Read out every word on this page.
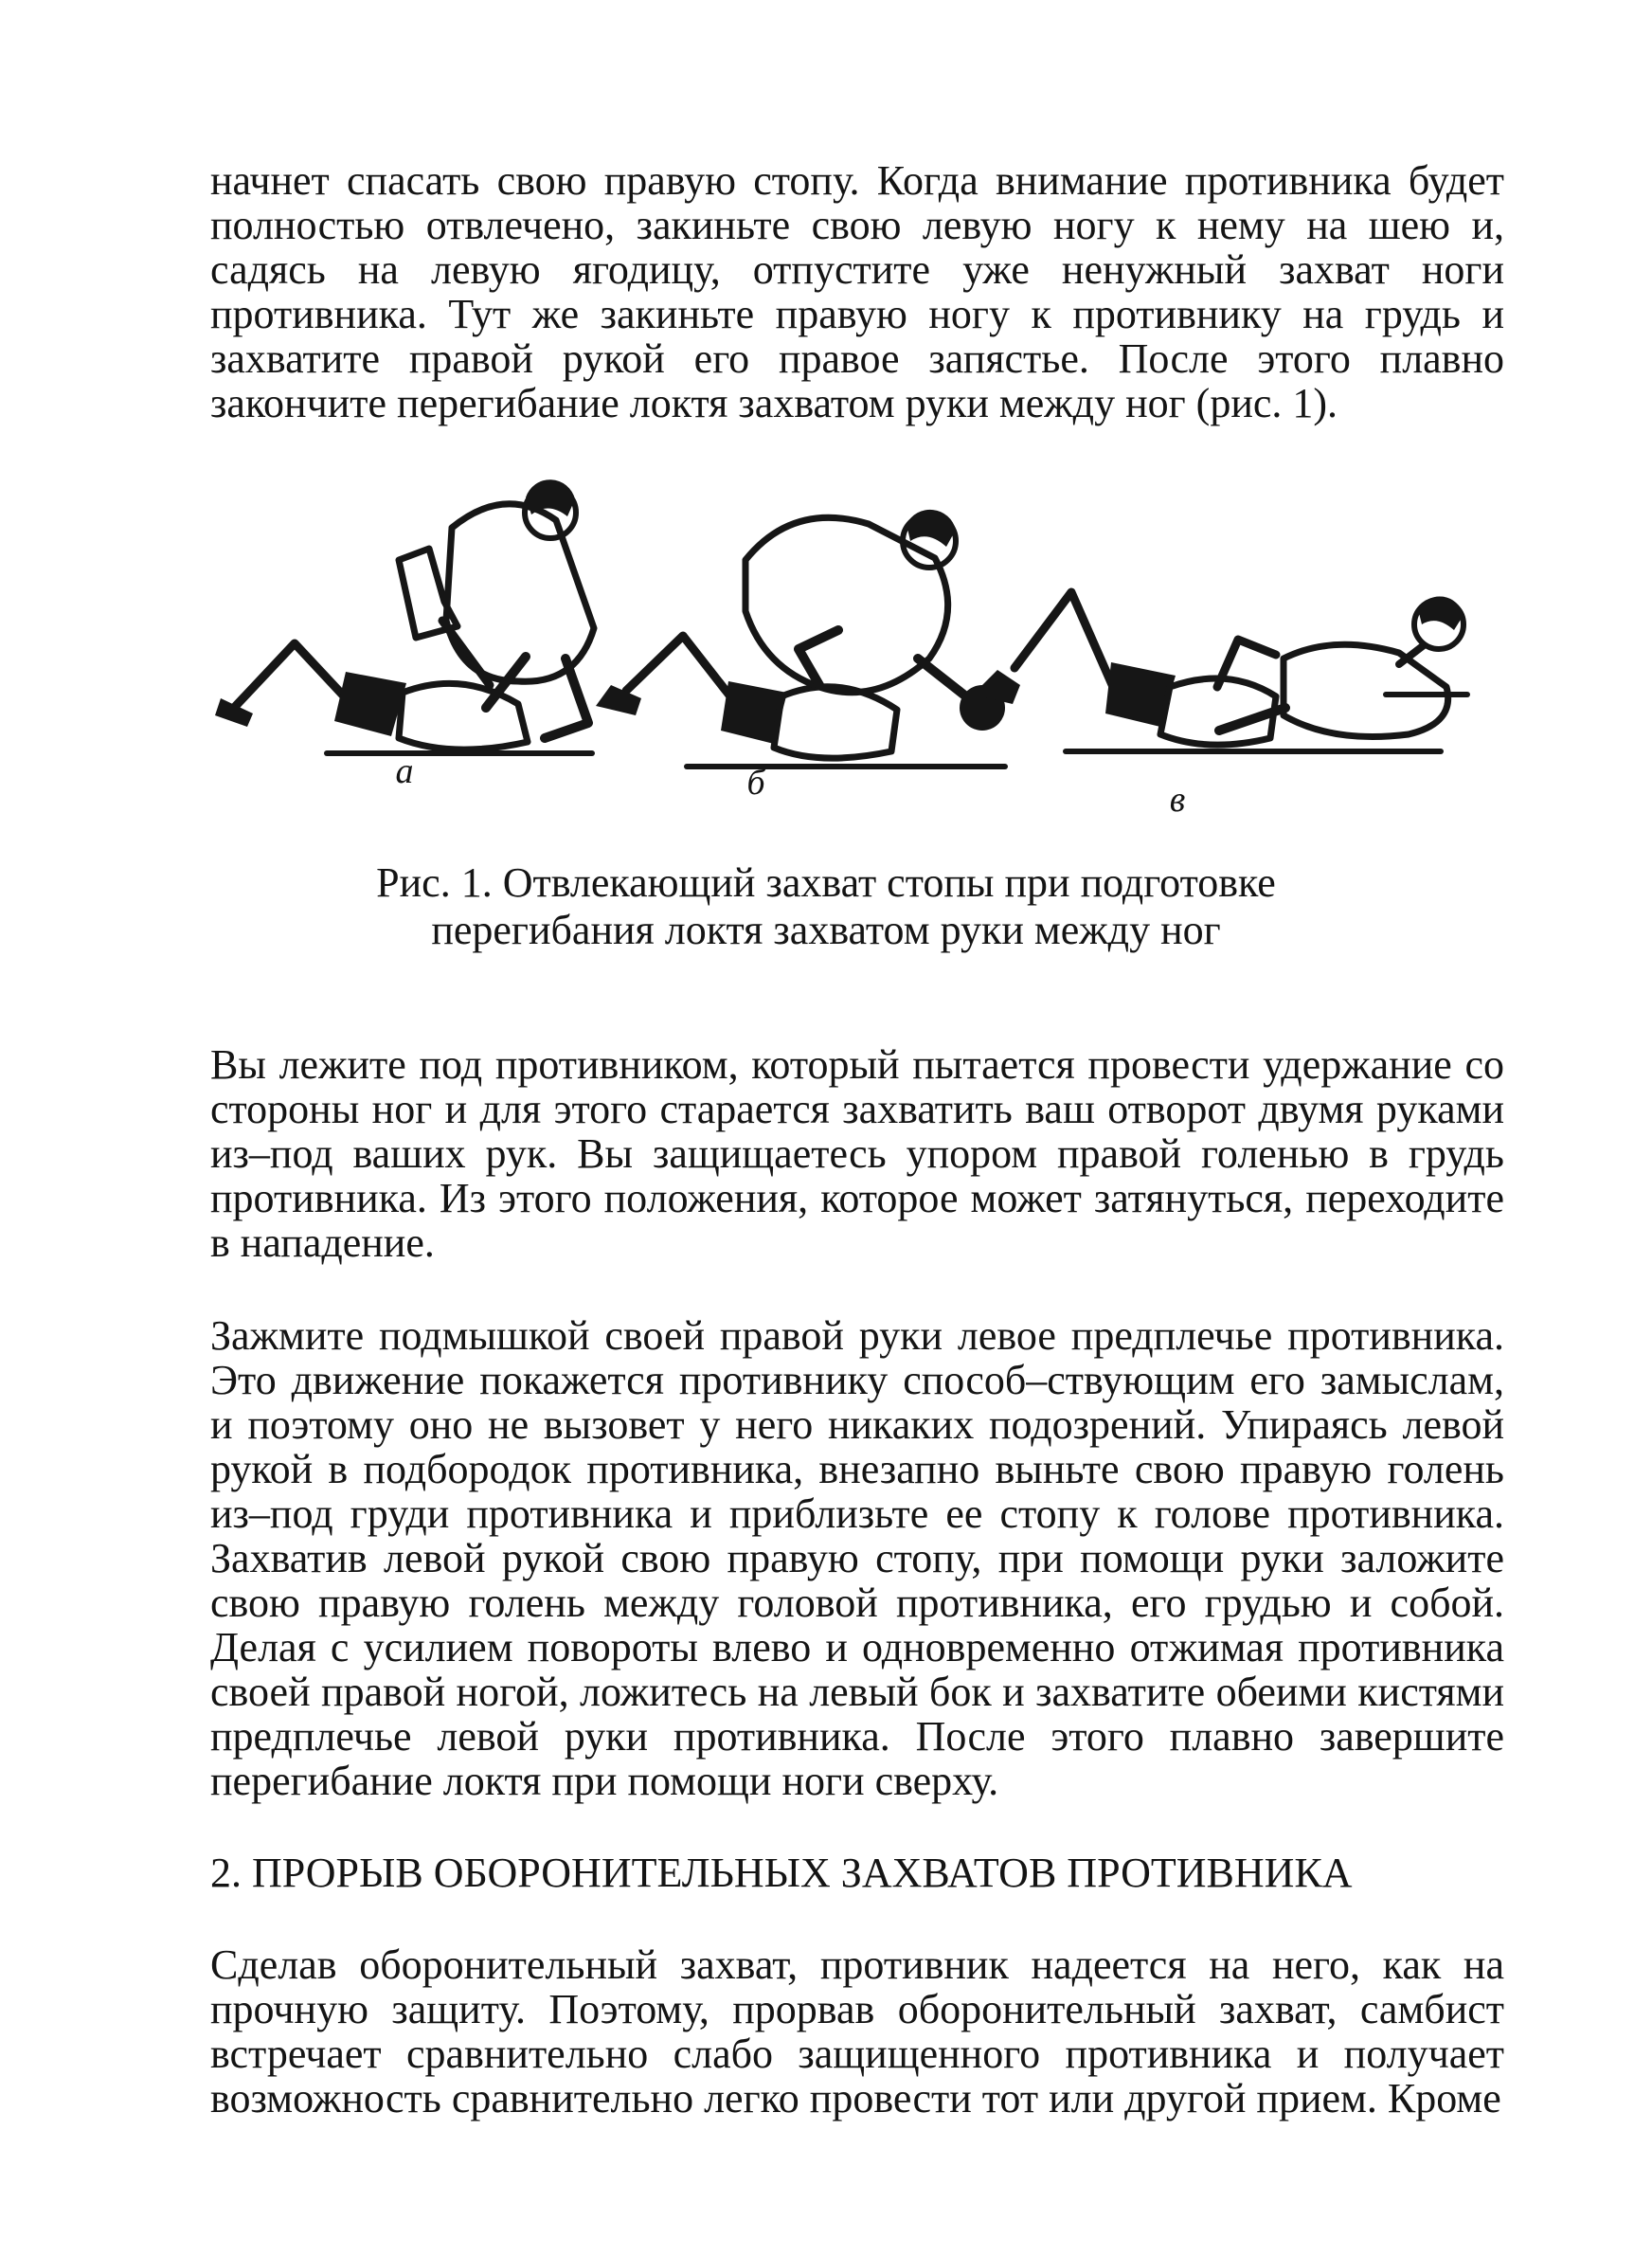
начнет спасать свою правую стопу. Когда внимание противника будет полностью отвлечено, закиньте свою левую ногу к нему на шею и, садясь на левую ягодицу, отпустите уже ненужный захват ноги противника. Тут же закиньте правую ногу к противнику на грудь и захватите правой рукой его правое запястье. После этого плавно закончите перегибание локтя захватом руки между ног (рис. 1).

а	б	в

Рис. 1. Отвлекающий захват стопы при подготовке
перегибания локтя захватом руки между ног

Вы лежите под противником, который пытается провести удержание со стороны ног и для этого старается захватить ваш отворот двумя руками из–под ваших рук. Вы защищаетесь упором правой голенью в грудь противника. Из этого положения, которое может затянуться, переходите в нападение.

Зажмите подмышкой своей правой руки левое предплечье противника. Это движение покажется противнику способ–ствующим его замыслам, и поэтому оно не вызовет у него никаких подозрений. Упираясь левой рукой в подбородок противника, внезапно выньте свою правую голень из–под груди противника и приблизьте ее стопу к голове противника. Захватив левой рукой свою правую стопу, при помощи руки заложите свою правую голень между головой противника, его грудью и собой. Делая с усилием повороты влево и одновременно отжимая противника своей правой ногой, ложитесь на левый бок и захватите обеими кистями предплечье левой руки противника. После этого плавно завершите перегибание локтя при помощи ноги сверху.

2. ПРОРЫВ ОБОРОНИТЕЛЬНЫХ ЗАХВАТОВ ПРОТИВНИКА

Сделав оборонительный захват, противник надеется на него, как на прочную защиту. Поэтому, прорвав оборонительный захват, самбист встречает сравнительно слабо защищенного противника и получает возможность сравнительно легко провести тот или другой прием. Кроме
